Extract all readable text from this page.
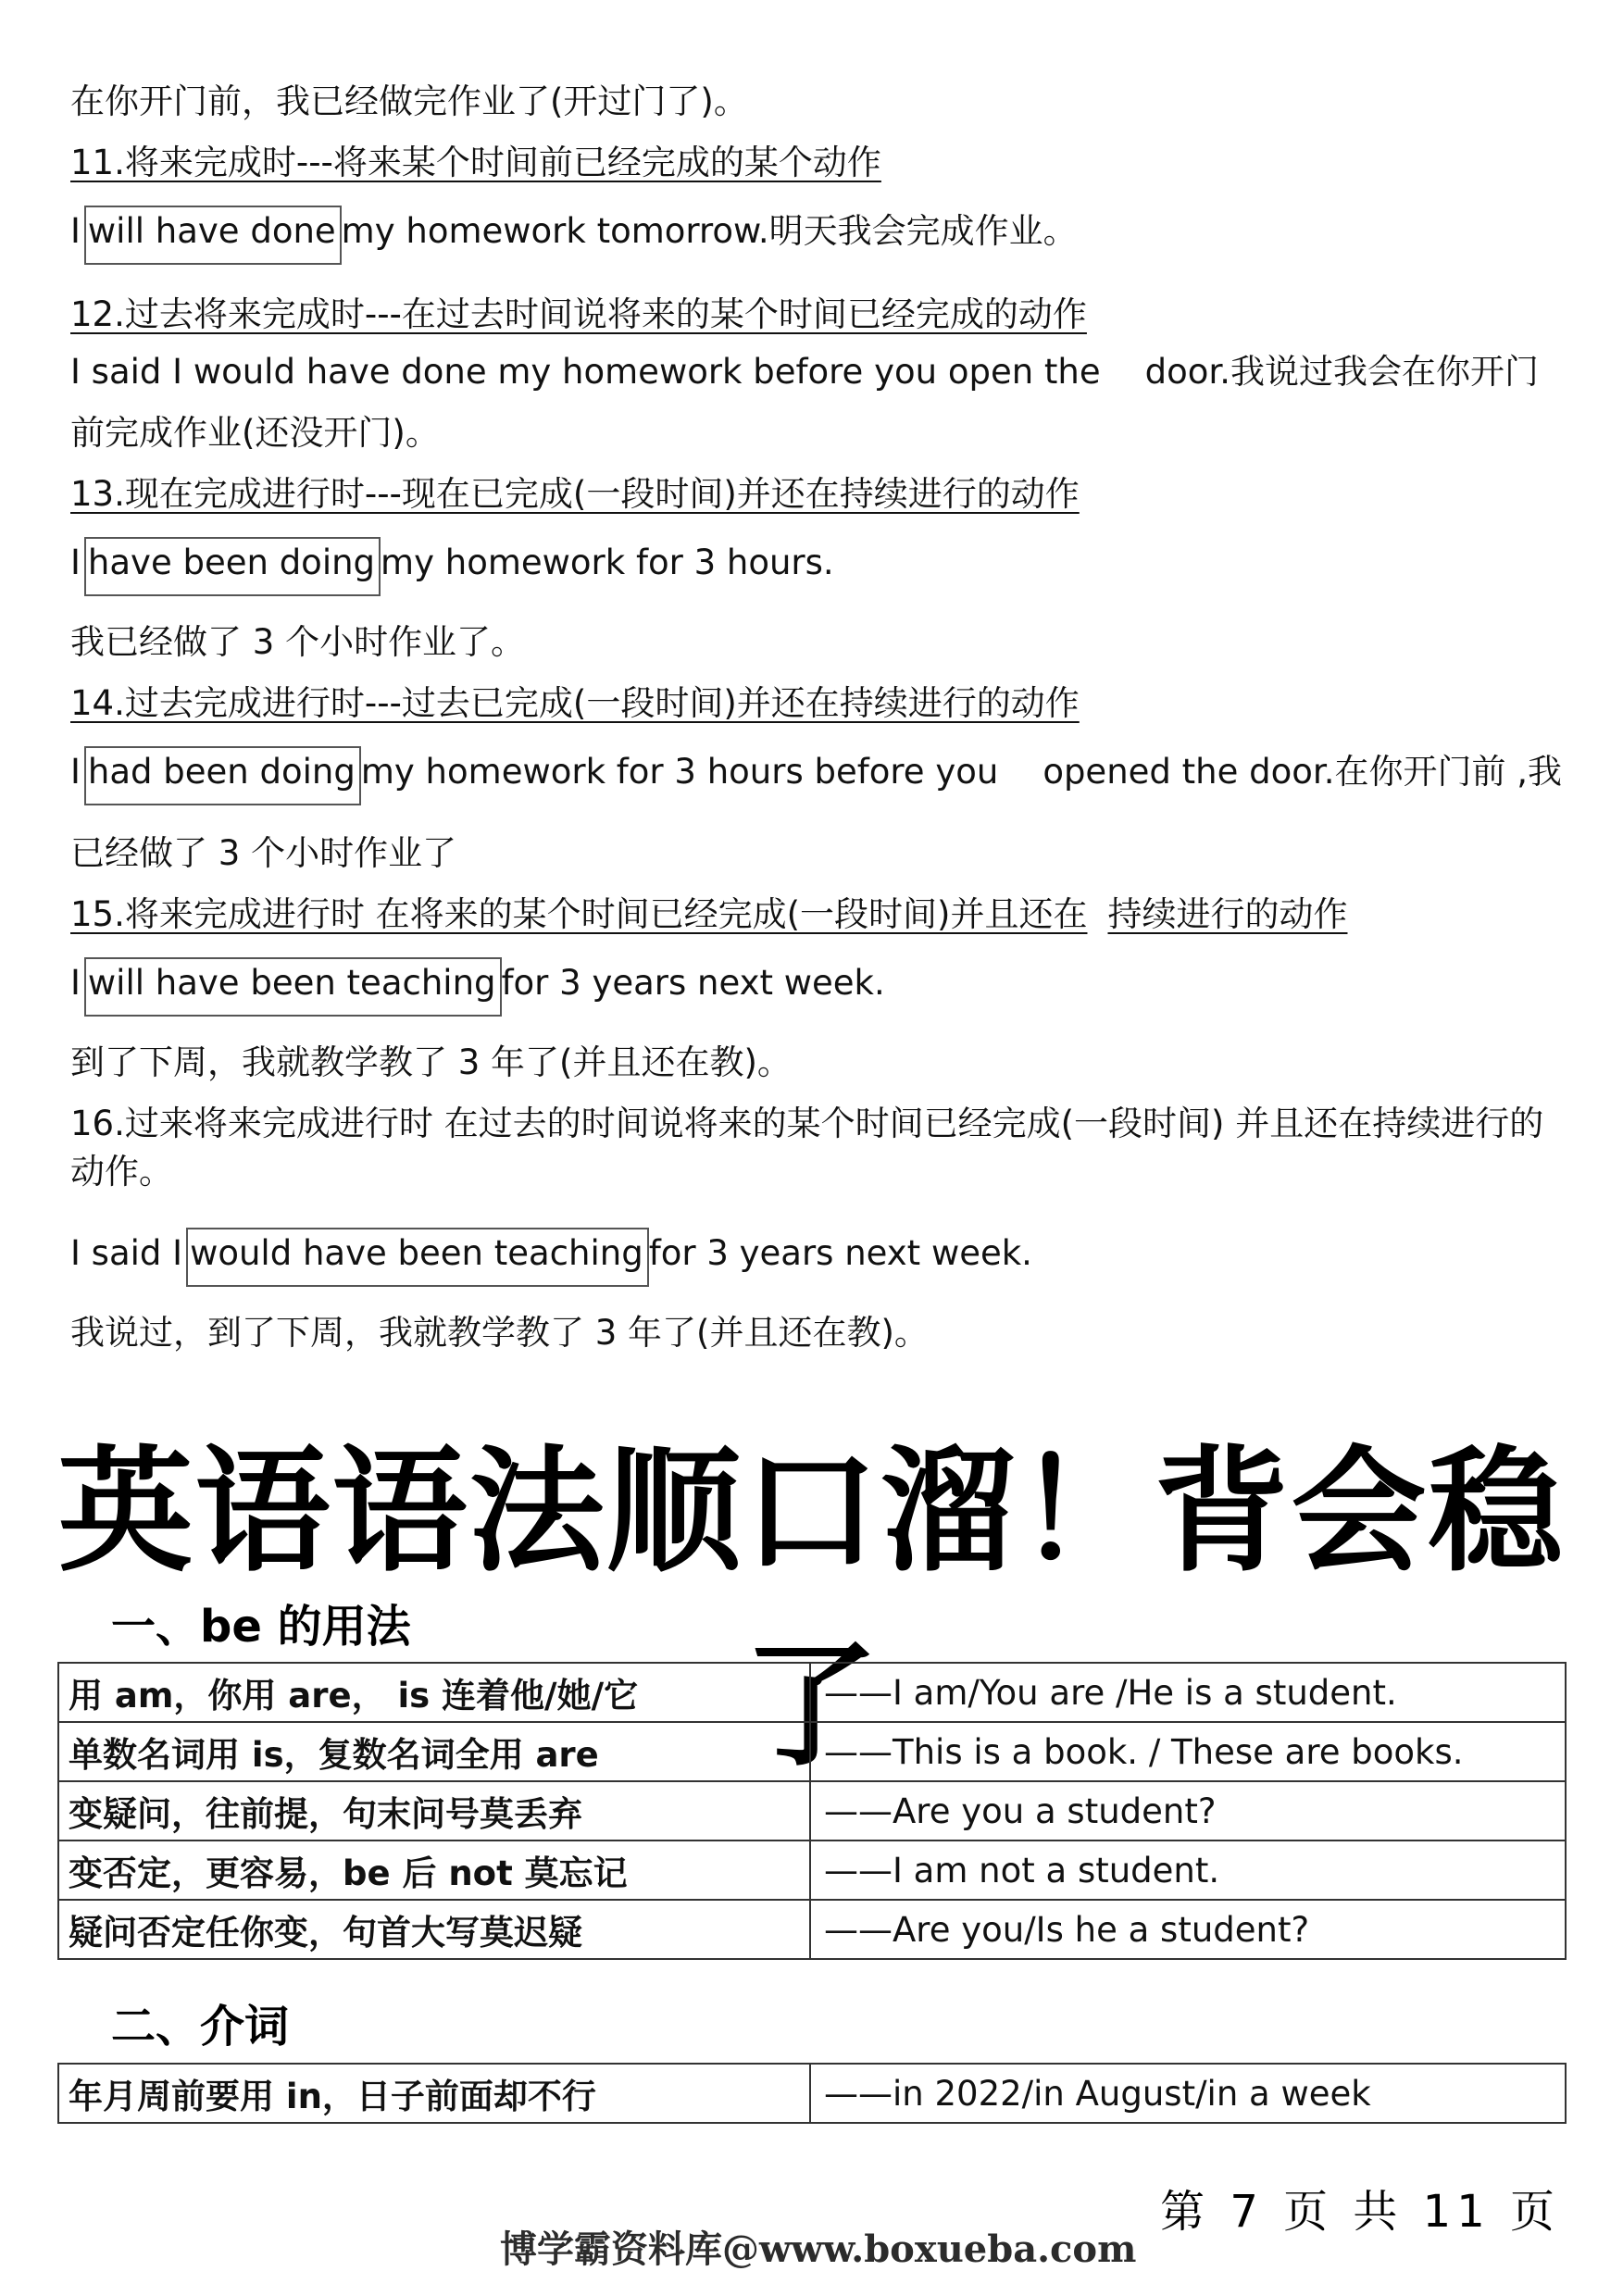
在你开门前，我已经做完作业了(开过门了)。
11.将来完成时---将来某个时间前已经完成的某个动作
I will have done my homework tomorrow.明天我会完成作业。
12.过去将来完成时---在过去时间说将来的某个时间已经完成的动作
I said I would have done my homework before you open the door.我说过我会在你开门
前完成作业(还没开门)。
13.现在完成进行时---现在已完成(一段时间)并还在持续进行的动作
I have been doing my homework for 3 hours.
我已经做了 3 个小时作业了。
14.过去完成进行时---过去已完成(一段时间)并还在持续进行的动作
I had been doing my homework for 3 hours before you opened the door.在你开门前 ,我
已经做了 3 个小时作业了
15.将来完成进行时 在将来的某个时间已经完成(一段时间)并且还在 持续进行的动作
I will have been teaching for 3 years next week.
到了下周，我就教学教了 3 年了(并且还在教)。
16.过来将来完成进行时 在过去的时间说将来的某个时间已经完成(一段时间) 并且还在持续进行的动作。
I said I would have been teaching for 3 years next week.
我说过，到了下周，我就教学教了 3 年了(并且还在教)。
英语语法顺口溜！背会稳了
一、be 的用法
用 am，你用 are， is 连着他/她/它	——I am/You are /He is a student.
单数名词用 is，复数名词全用 are	——This is a book. / These are books.
变疑问，往前提，句末问号莫丢弃	——Are you a student?
变否定，更容易，be 后 not 莫忘记	——I am not a student.
疑问否定任你变，句首大写莫迟疑	——Are you/Is he a student?
二、介词
年月周前要用 in，日子前面却不行	——in 2022/in August/in a week
第 7 页 共 11 页
博学霸资料库@www.boxueba.com
